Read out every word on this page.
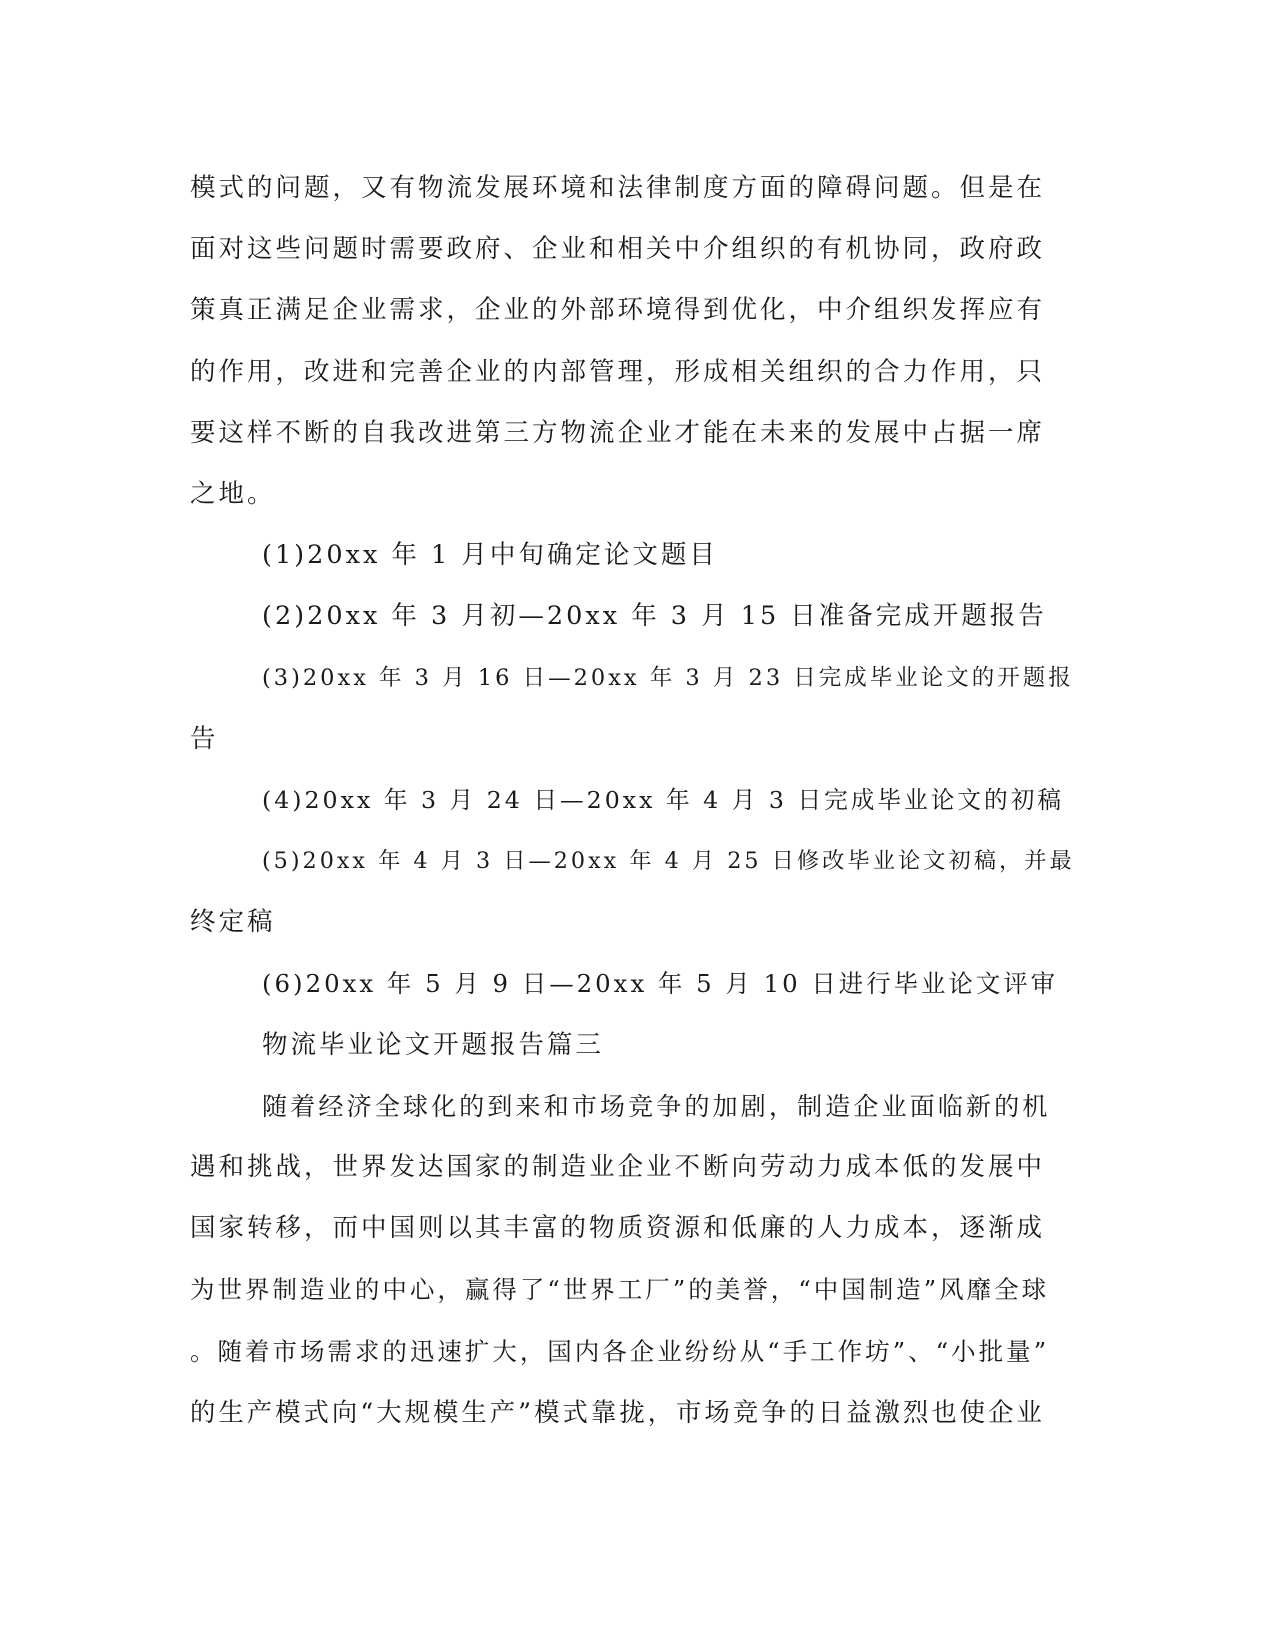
模式的问题，又有物流发展环境和法律制度方面的障碍问题。但是在
面对这些问题时需要政府、企业和相关中介组织的有机协同，政府政
策真正满足企业需求，企业的外部环境得到优化，中介组织发挥应有
的作用，改进和完善企业的内部管理，形成相关组织的合力作用，只
要这样不断的自我改进第三方物流企业才能在未来的发展中占据一席
之地。
(1)20xx 年 1 月中旬确定论文题目
(2)20xx 年 3 月初—20xx 年 3 月 15 日准备完成开题报告
(3)20xx 年 3 月 16 日—20xx 年 3 月 23 日完成毕业论文的开题报
告
(4)20xx 年 3 月 24 日—20xx 年 4 月 3 日完成毕业论文的初稿
(5)20xx 年 4 月 3 日—20xx 年 4 月 25 日修改毕业论文初稿，并最
终定稿
(6)20xx 年 5 月 9 日—20xx 年 5 月 10 日进行毕业论文评审
物流毕业论文开题报告篇三
随着经济全球化的到来和市场竞争的加剧，制造企业面临新的机
遇和挑战，世界发达国家的制造业企业不断向劳动力成本低的发展中
国家转移，而中国则以其丰富的物质资源和低廉的人力成本，逐渐成
为世界制造业的中心，赢得了“世界工厂”的美誉，“中国制造”风靡全球
。随着市场需求的迅速扩大，国内各企业纷纷从“手工作坊”、“小批量”
的生产模式向“大规模生产”模式靠拢，市场竞争的日益激烈也使企业
